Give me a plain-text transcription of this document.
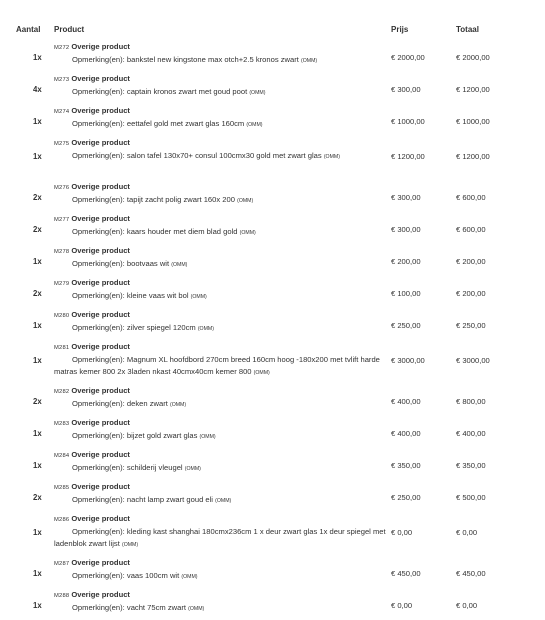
Aantal Product	Prijs	Totaal
1x
M272 Overige product
Opmerking(en): bankstel new kingstone max otch+2.5 kronos zwart (OMM)	€ 2000,00	€ 2000,00
4x
M273 Overige product
Opmerking(en): captain kronos zwart met goud poot (OMM)	€ 300,00	€ 1200,00
1x
M274 Overige product
Opmerking(en): eettafel gold met zwart glas 160cm (OMM)	€ 1000,00	€ 1000,00
1x
M275 Overige product
Opmerking(en): salon tafel 130x70+ consul 100cmx30 gold met zwart glas (OMM)	€ 1200,00	€ 1200,00
2x
M276 Overige product
Opmerking(en): tapijt zacht polig zwart 160x 200 (OMM)	€ 300,00	€ 600,00
2x
M277 Overige product
Opmerking(en): kaars houder met diem blad gold (OMM)	€ 300,00	€ 600,00
1x
M278 Overige product
Opmerking(en): bootvaas wit (OMM)	€ 200,00	€ 200,00
2x
M279 Overige product
Opmerking(en): kleine vaas wit bol (OMM)	€ 100,00	€ 200,00
1x
M280 Overige product
Opmerking(en): zilver spiegel 120cm (OMM)	€ 250,00	€ 250,00
1x
M281 Overige product
Opmerking(en): Magnum XL hoofdbord 270cm breed 160cm hoog -180x200 met tvlift harde matras kemer 800 2x 3laden nkast 40cmx40cm kemer 800 (OMM)
€ 3000,00	€ 3000,00
2x
M282 Overige product
Opmerking(en): deken zwart (OMM)	€ 400,00	€ 800,00
1x
M283 Overige product
Opmerking(en): bijzet gold zwart glas (OMM)	€ 400,00	€ 400,00
1x
M284 Overige product
Opmerking(en): schilderij vleugel (OMM)	€ 350,00	€ 350,00
2x
M285 Overige product
Opmerking(en): nacht lamp zwart goud eli (OMM)	€ 250,00	€ 500,00
1x
M286 Overige product
Opmerking(en): kleding kast shanghai 180cmx236cm 1 x deur zwart glas 1x deur spiegel met ladenblok zwart lijst (OMM)
€ 0,00	€ 0,00
1x
M287 Overige product
Opmerking(en): vaas 100cm wit (OMM)	€ 450,00	€ 450,00
1x
M288 Overige product
Opmerking(en): vacht 75cm zwart (OMM)	€ 0,00	€ 0,00
